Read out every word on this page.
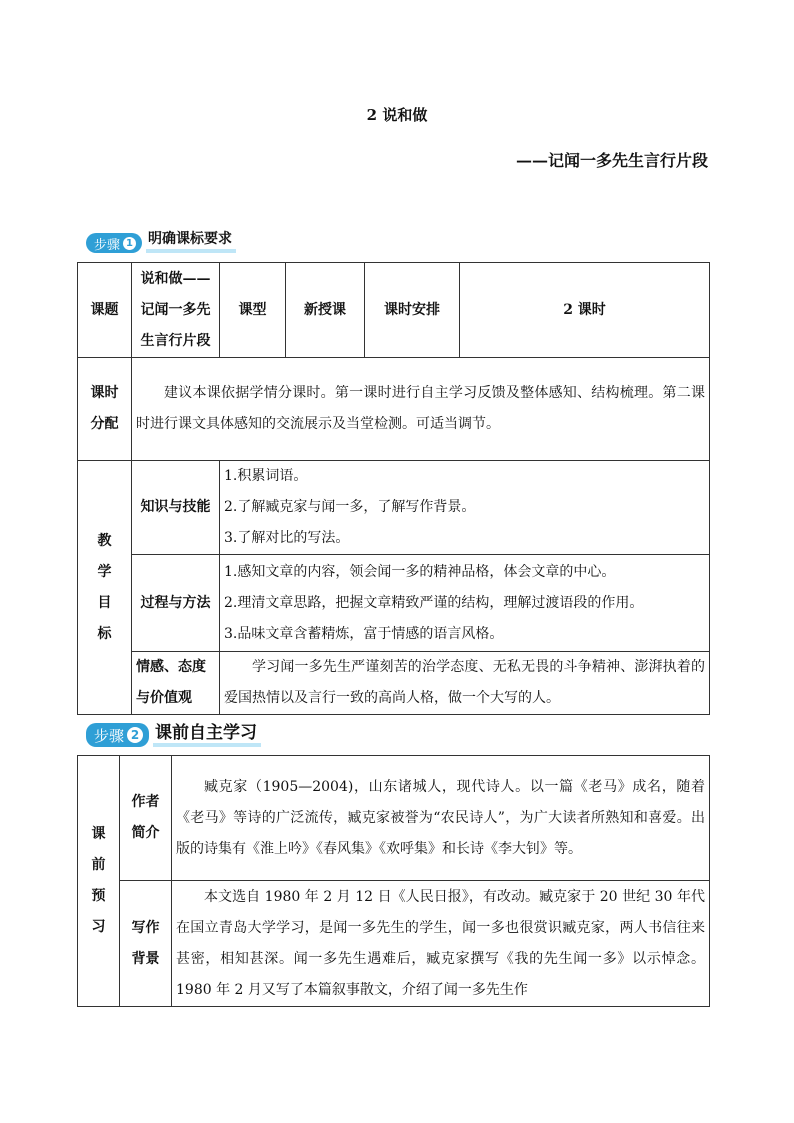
2 说和做
——记闻一多先生言行片段
步骤 1 明确课标要求
课题	说和做——记闻一多先生言行片段	课型	新授课	课时安排	2 课时
课时分配	建议本课依据学情分课时。第一课时进行自主学习反馈及整体感知、结构梳理。第二课时进行课文具体感知的交流展示及当堂检测。可适当调节。				
教学目标	知识与技能	1.积累词语。
2.了解臧克家与闻一多，了解写作背景。
3.了解对比的写法。			

	过程与方法	1.感知文章的内容，领会闻一多的精神品格，体会文章的中心。
2.理清文章思路，把握文章精致严谨的结构，理解过渡语段的作用。
3.品味文章含蓄精炼，富于情感的语言风格。			

	情感、态度与价值观	学习闻一多先生严谨刻苦的治学态度、无私无畏的斗争精神、澎湃执着的爱国热情以及言行一致的高尚人格，做一个大写的人。			
步骤 2 课前自主学习
课前预习	作者简介	臧克家（1905—2004)，山东诸城人，现代诗人。以一篇《老马》成名，随着《老马》等诗的广泛流传，臧克家被誉为“农民诗人”，为广大读者所熟知和喜爱。出版的诗集有《淮上吟》《春风集》《欢呼集》和长诗《李大钊》等。
	写作背景	本文选自 1980 年 2 月 12 日《人民日报》，有改动。臧克家于 20 世纪 30 年代在国立青岛大学学习，是闻一多先生的学生，闻一多也很赏识臧克家，两人书信往来甚密，相知甚深。闻一多先生遇难后，臧克家撰写《我的先生闻一多》以示悼念。1980 年 2 月又写了本篇叙事散文，介绍了闻一多先生作
